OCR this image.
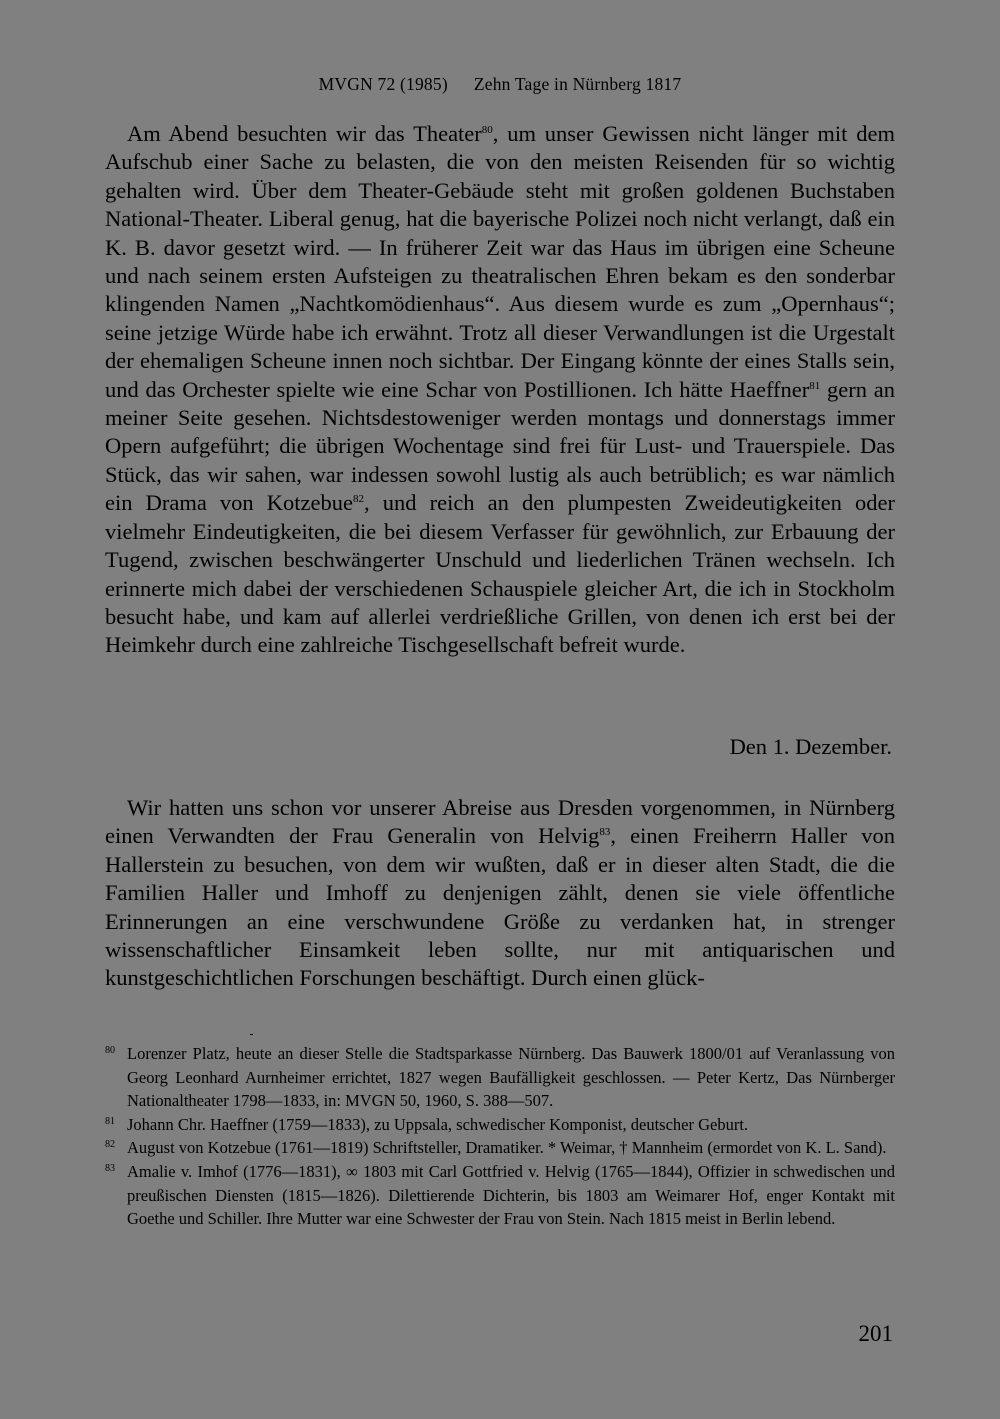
MVGN 72 (1985) Zehn Tage in Nürnberg 1817

Am Abend besuchten wir das Theater$^{80}$, um unser Gewissen nicht länger mit dem Aufschub einer Sache zu belasten, die von den meisten Reisenden für so wichtig gehalten wird. Über dem Theater-Gebäude steht mit großen goldenen Buchstaben National-Theater. Liberal genug, hat die bayerische Polizei noch nicht verlangt, daß ein K. B. davor gesetzt wird. — In früherer Zeit war das Haus im übrigen eine Scheune und nach seinem ersten Aufsteigen zu theatralischen Ehren bekam es den sonderbar klingenden Namen „Nachtkomödienhaus“. Aus diesem wurde es zum „Opernhaus“; seine jetzige Würde habe ich erwähnt. Trotz all dieser Verwandlungen ist die Urgestalt der ehemaligen Scheune innen noch sichtbar. Der Eingang könnte der eines Stalls sein, und das Orchester spielte wie eine Schar von Postillionen. Ich hätte Haeffner$^{81}$ gern an meiner Seite gesehen. Nichtsdestoweniger werden montags und donnerstags immer Opern aufgeführt; die übrigen Wochentage sind frei für Lust- und Trauerspiele. Das Stück, das wir sahen, war indessen sowohl lustig als auch betrüblich; es war nämlich ein Drama von Kotzebue$^{82}$, und reich an den plumpesten Zweideutigkeiten oder vielmehr Eindeutigkeiten, die bei diesem Verfasser für gewöhnlich, zur Erbauung der Tugend, zwischen beschwängerter Unschuld und liederlichen Tränen wechseln. Ich erinnerte mich dabei der verschiedenen Schauspiele gleicher Art, die ich in Stockholm besucht habe, und kam auf allerlei verdrießliche Grillen, von denen ich erst bei der Heimkehr durch eine zahlreiche Tischgesellschaft befreit wurde.

Den 1. Dezember.

Wir hatten uns schon vor unserer Abreise aus Dresden vorgenommen, in Nürnberg einen Verwandten der Frau Generalin von Helvig$^{83}$, einen Freiherrn Haller von Hallerstein zu besuchen, von dem wir wußten, daß er in dieser alten Stadt, die die Familien Haller und Imhoff zu denjenigen zählt, denen sie viele öffentliche Erinnerungen an eine verschwundene Größe zu verdanken hat, in strenger wissenschaftlicher Einsamkeit leben sollte, nur mit antiquarischen und kunstgeschichtlichen Forschungen beschäftigt. Durch einen glück-

80 Lorenzer Platz, heute an dieser Stelle die Stadtsparkasse Nürnberg. Das Bauwerk 1800/01 auf Veranlassung von Georg Leonhard Aurnheimer errichtet, 1827 wegen Baufälligkeit geschlossen. — Peter Kertz, Das Nürnberger Nationaltheater 1798—1833, in: MVGN 50, 1960, S. 388—507.
81 Johann Chr. Haeffner (1759—1833), zu Uppsala, schwedischer Komponist, deutscher Geburt.
82 August von Kotzebue (1761—1819) Schriftsteller, Dramatiker. * Weimar, † Mannheim (ermordet von K. L. Sand).
83 Amalie v. Imhof (1776—1831), ∞ 1803 mit Carl Gottfried v. Helvig (1765—1844), Offizier in schwedischen und preußischen Diensten (1815—1826). Dilettierende Dichterin, bis 1803 am Weimarer Hof, enger Kontakt mit Goethe und Schiller. Ihre Mutter war eine Schwester der Frau von Stein. Nach 1815 meist in Berlin lebend.
201
